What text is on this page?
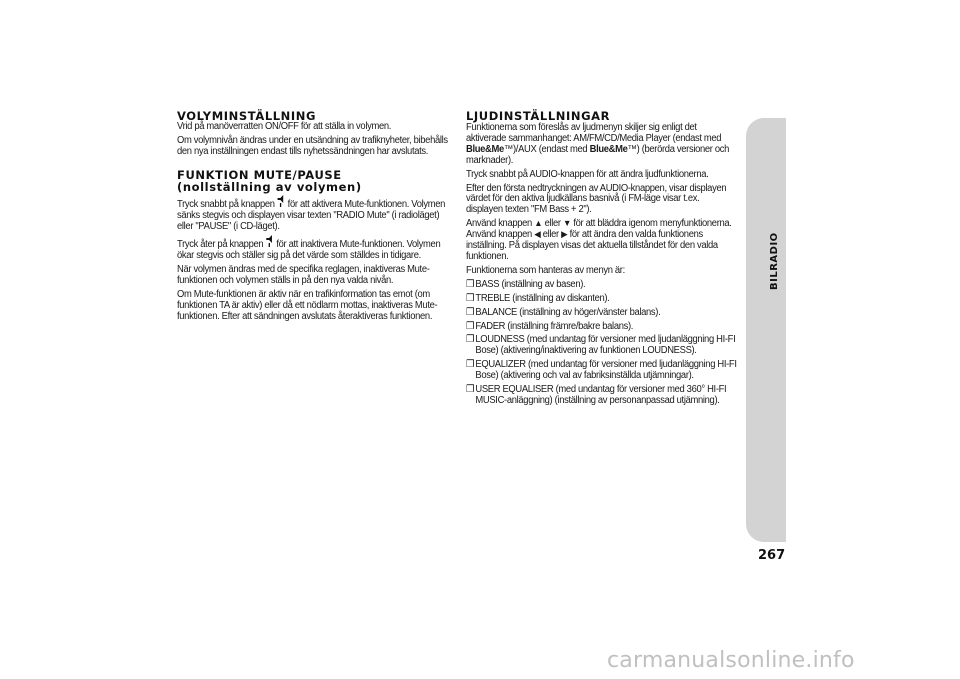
VOLYMINSTÄLLNING

Vrid på manöverratten ON/OFF för att ställa in volymen.

Om volymnivån ändras under en utsändning av trafiknyheter, bibehålls den nya inställningen endast tills nyhetssändningen har avslutats.

FUNKTION MUTE/PAUSE
(nollställning av volymen)

Tryck snabbt på knappen för att aktivera Mute-funktionen. Volymen sänks stegvis och displayen visar texten "RADIO Mute" (i radioläget) eller "PAUSE" (i CD-läget).

Tryck åter på knappen för att inaktivera Mute-funktionen. Volymen ökar stegvis och ställer sig på det värde som ställdes in tidigare.

När volymen ändras med de specifika reglagen, inaktiveras Mute-funktionen och volymen ställs in på den nya valda nivån.

Om Mute-funktionen är aktiv när en trafikinformation tas emot (om funktionen TA är aktiv) eller då ett nödlarm mottas, inaktiveras Mute-funktionen. Efter att sändningen avslutats återaktiveras funktionen.

LJUDINSTÄLLNINGAR

Funktionerna som föreslås av ljudmenyn skiljer sig enligt det aktiverade sammanhanget: AM/FM/CD/Media Player (endast med Blue&Me™)/AUX (endast med Blue&Me™) (berörda versioner och marknader).

Tryck snabbt på AUDIO-knappen för att ändra ljudfunktionerna.

Efter den första nedtryckningen av AUDIO-knappen, visar displayen värdet för den aktiva ljudkällans basnivå (i FM-läge visar t.ex. displayen texten "FM Bass + 2").

Använd knappen ▲ eller ▼ för att bläddra igenom menyfunktionerna. Använd knappen ◀ eller ▶ för att ändra den valda funktionens inställning. På displayen visas det aktuella tillståndet för den valda funktionen.

Funktionerna som hanteras av menyn är:

❒BASS (inställning av basen).

❒TREBLE (inställning av diskanten).

❒BALANCE (inställning av höger/vänster balans).

❒FADER (inställning främre/bakre balans).

❒LOUDNESS (med undantag för versioner med ljudanläggning HI-FI Bose) (aktivering/inaktivering av funktionen LOUDNESS).

❒EQUALIZER (med undantag för versioner med ljudanläggning HI-FI Bose) (aktivering och val av fabriksinställda utjämningar).

❒USER EQUALISER (med undantag för versioner med 360° HI-FI MUSIC-anläggning) (inställning av personanpassad utjämning).

BILRADIO
267
carmanualsonline.info
